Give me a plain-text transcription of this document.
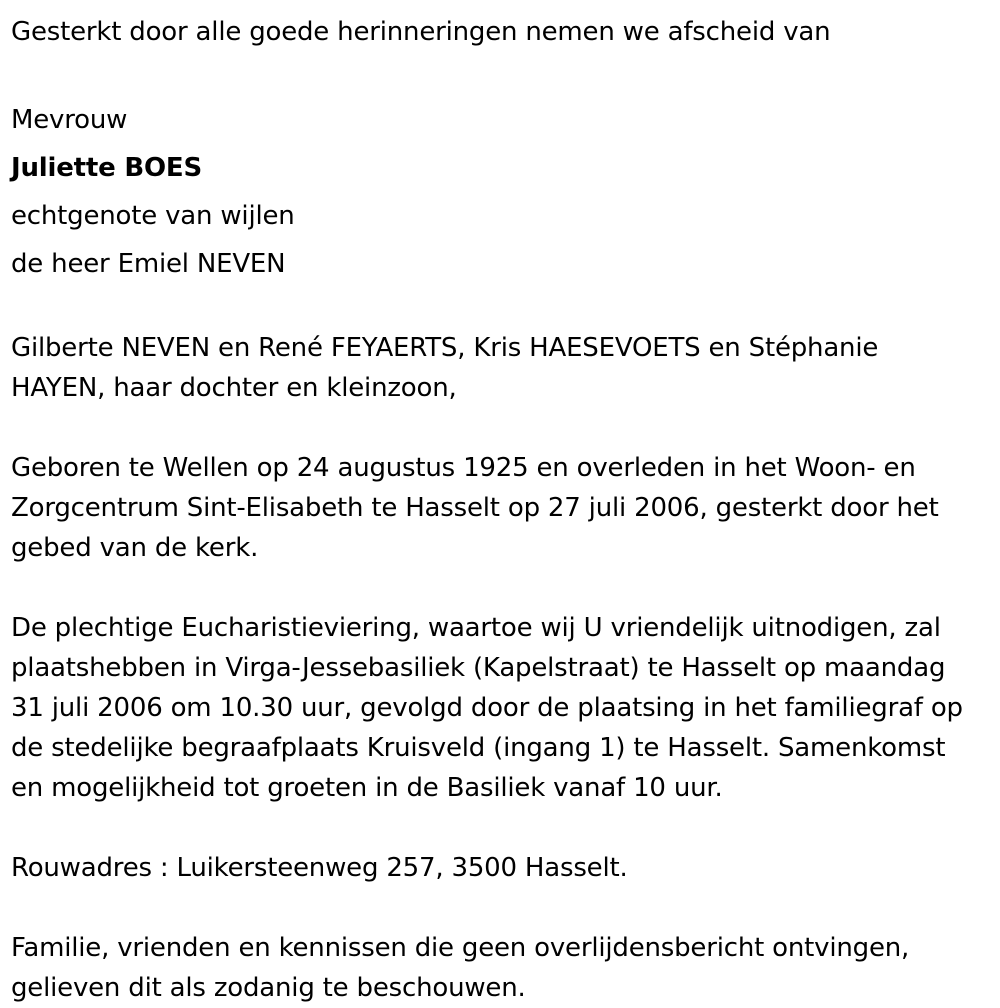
Gesterkt door alle goede herinneringen nemen we afscheid van
Mevrouw
Juliette BOES
echtgenote van wijlen
de heer Emiel NEVEN
Gilberte NEVEN en René FEYAERTS, Kris HAESEVOETS en Stéphanie
HAYEN, haar dochter en kleinzoon,
Geboren te Wellen op 24 augustus 1925 en overleden in het Woon- en
Zorgcentrum Sint-Elisabeth te Hasselt op 27 juli 2006, gesterkt door het
gebed van de kerk.
De plechtige Eucharistieviering, waartoe wij U vriendelijk uitnodigen, zal
plaatshebben in Virga-Jessebasiliek (Kapelstraat) te Hasselt op maandag
31 juli 2006 om 10.30 uur, gevolgd door de plaatsing in het familiegraf op
de stedelijke begraafplaats Kruisveld (ingang 1) te Hasselt. Samenkomst
en mogelijkheid tot groeten in de Basiliek vanaf 10 uur.
Rouwadres : Luikersteenweg 257, 3500 Hasselt.
Familie, vrienden en kennissen die geen overlijdensbericht ontvingen,
gelieven dit als zodanig te beschouwen.
